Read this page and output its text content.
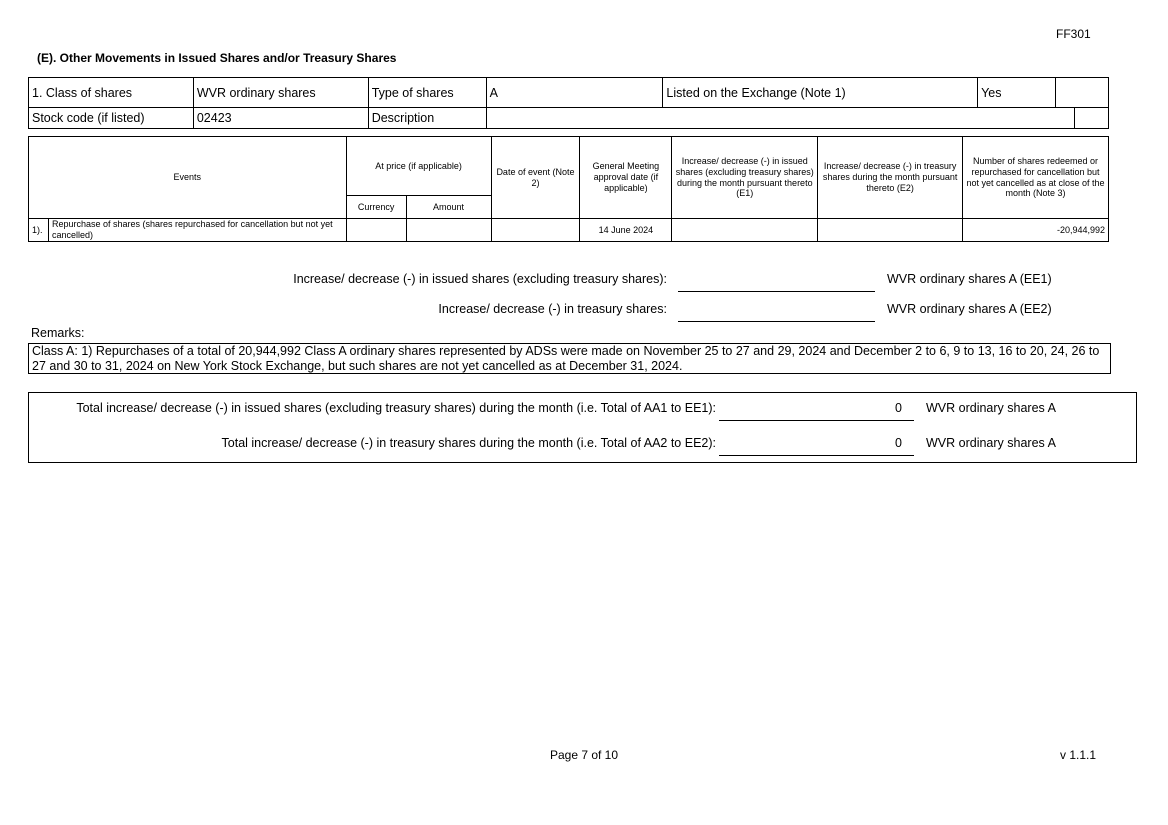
FF301
(E). Other Movements in Issued Shares and/or Treasury Shares
1. Class of shares	WVR ordinary shares	Type of shares	A	Listed on the Exchange (Note 1)	Yes		
Stock code (if listed)	02423	Description					
Events		At price (if applicable)		Date of event (Note 2)	General Meeting approval date (if applicable)	Increase/ decrease (-) in issued shares (excluding treasury shares) during the month pursuant thereto (E1)	Increase/ decrease (-) in treasury shares during the month pursuant thereto (E2)	Number of shares redeemed or repurchased for cancellation but not yet cancelled as at close of the month (Note 3)
		Currency	Amount					
1).	Repurchase of shares (shares repurchased for cancellation but not yet cancelled)				14 June 2024			-20,944,992
Increase/ decrease (-) in issued shares (excluding treasury shares):	WVR ordinary shares A (EE1)
Increase/ decrease (-) in treasury shares:	WVR ordinary shares A (EE2)
Remarks:
Class A: 1) Repurchases of a total of 20,944,992 Class A ordinary shares represented by ADSs were made on November 25 to 27 and 29, 2024 and December 2 to 6, 9 to 13, 16 to 20, 24, 26 to 27 and 30 to 31, 2024 on New York Stock Exchange, but such shares are not yet cancelled as at December 31, 2024.
Total increase/ decrease (-) in issued shares (excluding treasury shares) during the month (i.e. Total of AA1 to EE1):	0 WVR ordinary shares A
Total increase/ decrease (-) in treasury shares during the month (i.e. Total of AA2 to EE2):	0 WVR ordinary shares A
Page 7 of 10	v 1.1.1
